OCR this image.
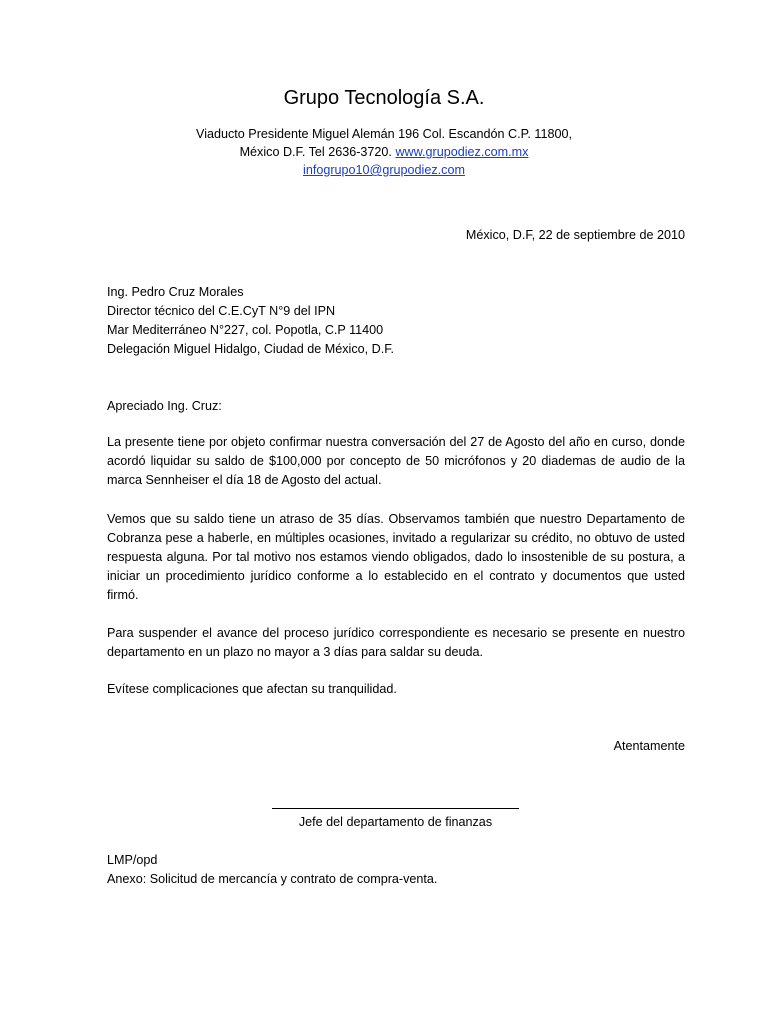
Grupo Tecnología S.A.
Viaducto Presidente Miguel Alemán 196 Col. Escandón C.P. 11800,
México D.F. Tel 2636-3720. www.grupodiez.com.mx
infogrupo10@grupodiez.com
México, D.F, 22 de septiembre de 2010
Ing. Pedro Cruz Morales
Director técnico del C.E.CyT N°9 del IPN
Mar Mediterráneo N°227, col. Popotla, C.P 11400
Delegación Miguel Hidalgo, Ciudad de México, D.F.
Apreciado Ing. Cruz:
La presente tiene por objeto confirmar nuestra conversación del 27 de Agosto del año en curso, donde acordó liquidar su saldo de $100,000 por concepto de 50 micrófonos y 20 diademas de audio de la marca Sennheiser el día 18 de Agosto del actual.
Vemos que su saldo tiene un atraso de 35 días. Observamos también que nuestro Departamento de Cobranza pese a haberle, en múltiples ocasiones, invitado a regularizar su crédito, no obtuvo de usted respuesta alguna. Por tal motivo nos estamos viendo obligados, dado lo insostenible de su postura, a iniciar un procedimiento jurídico conforme a lo establecido en el contrato y documentos que usted firmó.
Para suspender el avance del proceso jurídico correspondiente es necesario se presente en nuestro departamento en un plazo no mayor a 3 días para saldar su deuda.
Evítese complicaciones que afectan su tranquilidad.
Atentamente
Jefe del departamento de finanzas
LMP/opd
Anexo: Solicitud de mercancía y contrato de compra-venta.
